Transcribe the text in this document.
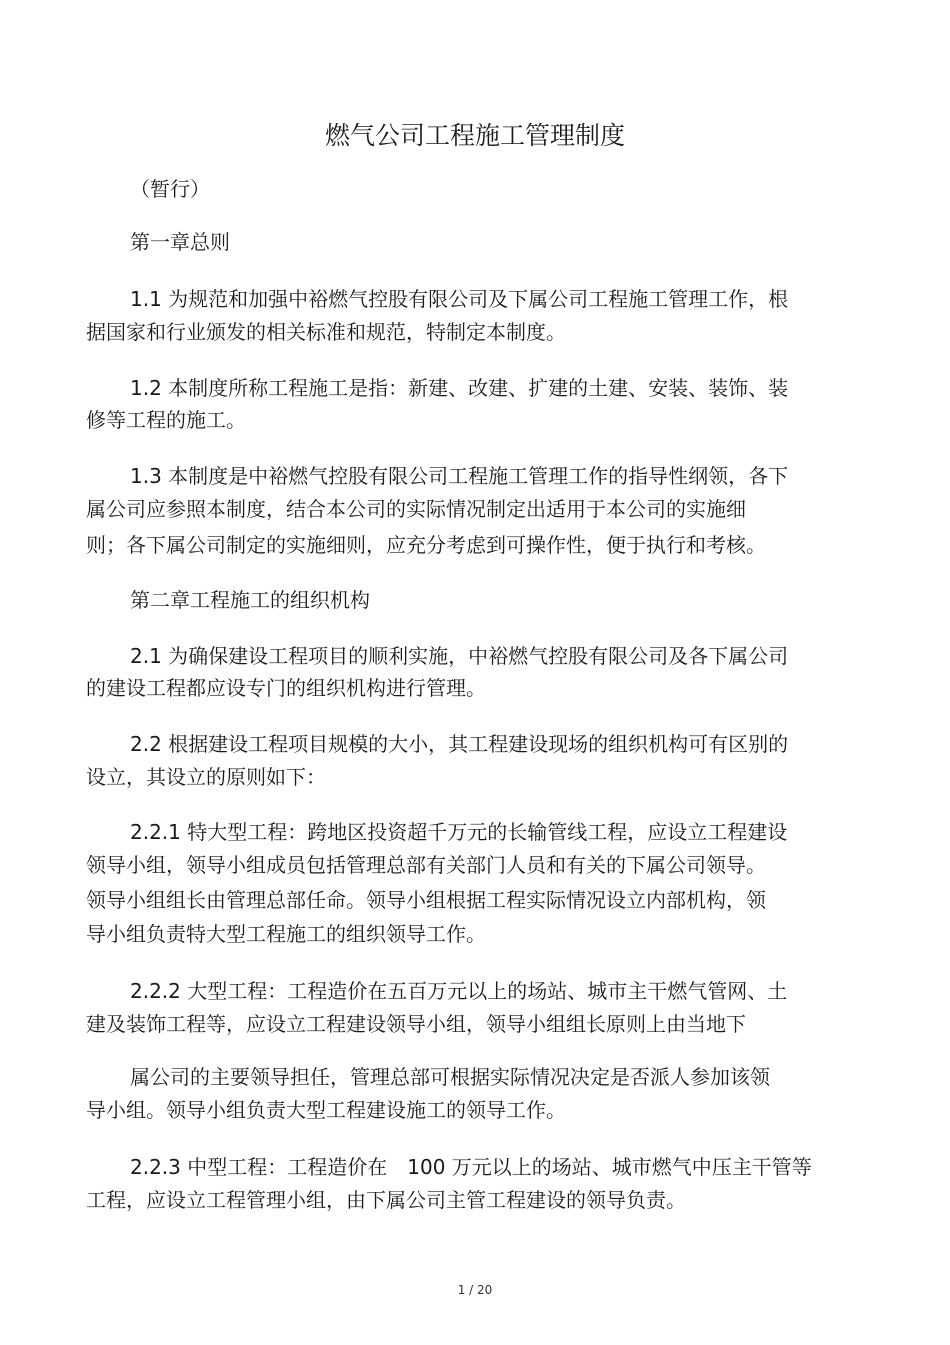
燃气公司工程施工管理制度
（暂行）
第一章总则
1.1 为规范和加强中裕燃气控股有限公司及下属公司工程施工管理工作，根
据国家和行业颁发的相关标准和规范，特制定本制度。
1.2 本制度所称工程施工是指：新建、改建、扩建的土建、安装、装饰、装
修等工程的施工。
1.3 本制度是中裕燃气控股有限公司工程施工管理工作的指导性纲领，各下
属公司应参照本制度，结合本公司的实际情况制定出适用于本公司的实施细
则；各下属公司制定的实施细则，应充分考虑到可操作性，便于执行和考核。
第二章工程施工的组织机构
2.1 为确保建设工程项目的顺利实施，中裕燃气控股有限公司及各下属公司
的建设工程都应设专门的组织机构进行管理。
2.2 根据建设工程项目规模的大小，其工程建设现场的组织机构可有区别的
设立，其设立的原则如下：
2.2.1 特大型工程：跨地区投资超千万元的长输管线工程，应设立工程建设
领导小组，领导小组成员包括管理总部有关部门人员和有关的下属公司领导。
领导小组组长由管理总部任命。领导小组根据工程实际情况设立内部机构，领
导小组负责特大型工程施工的组织领导工作。
2.2.2 大型工程：工程造价在五百万元以上的场站、城市主干燃气管网、土
建及装饰工程等，应设立工程建设领导小组，领导小组组长原则上由当地下
属公司的主要领导担任，管理总部可根据实际情况决定是否派人参加该领
导小组。领导小组负责大型工程建设施工的领导工作。
2.2.3 中型工程：工程造价在　100 万元以上的场站、城市燃气中压主干管等
工程，应设立工程管理小组，由下属公司主管工程建设的领导负责。
1 / 20
